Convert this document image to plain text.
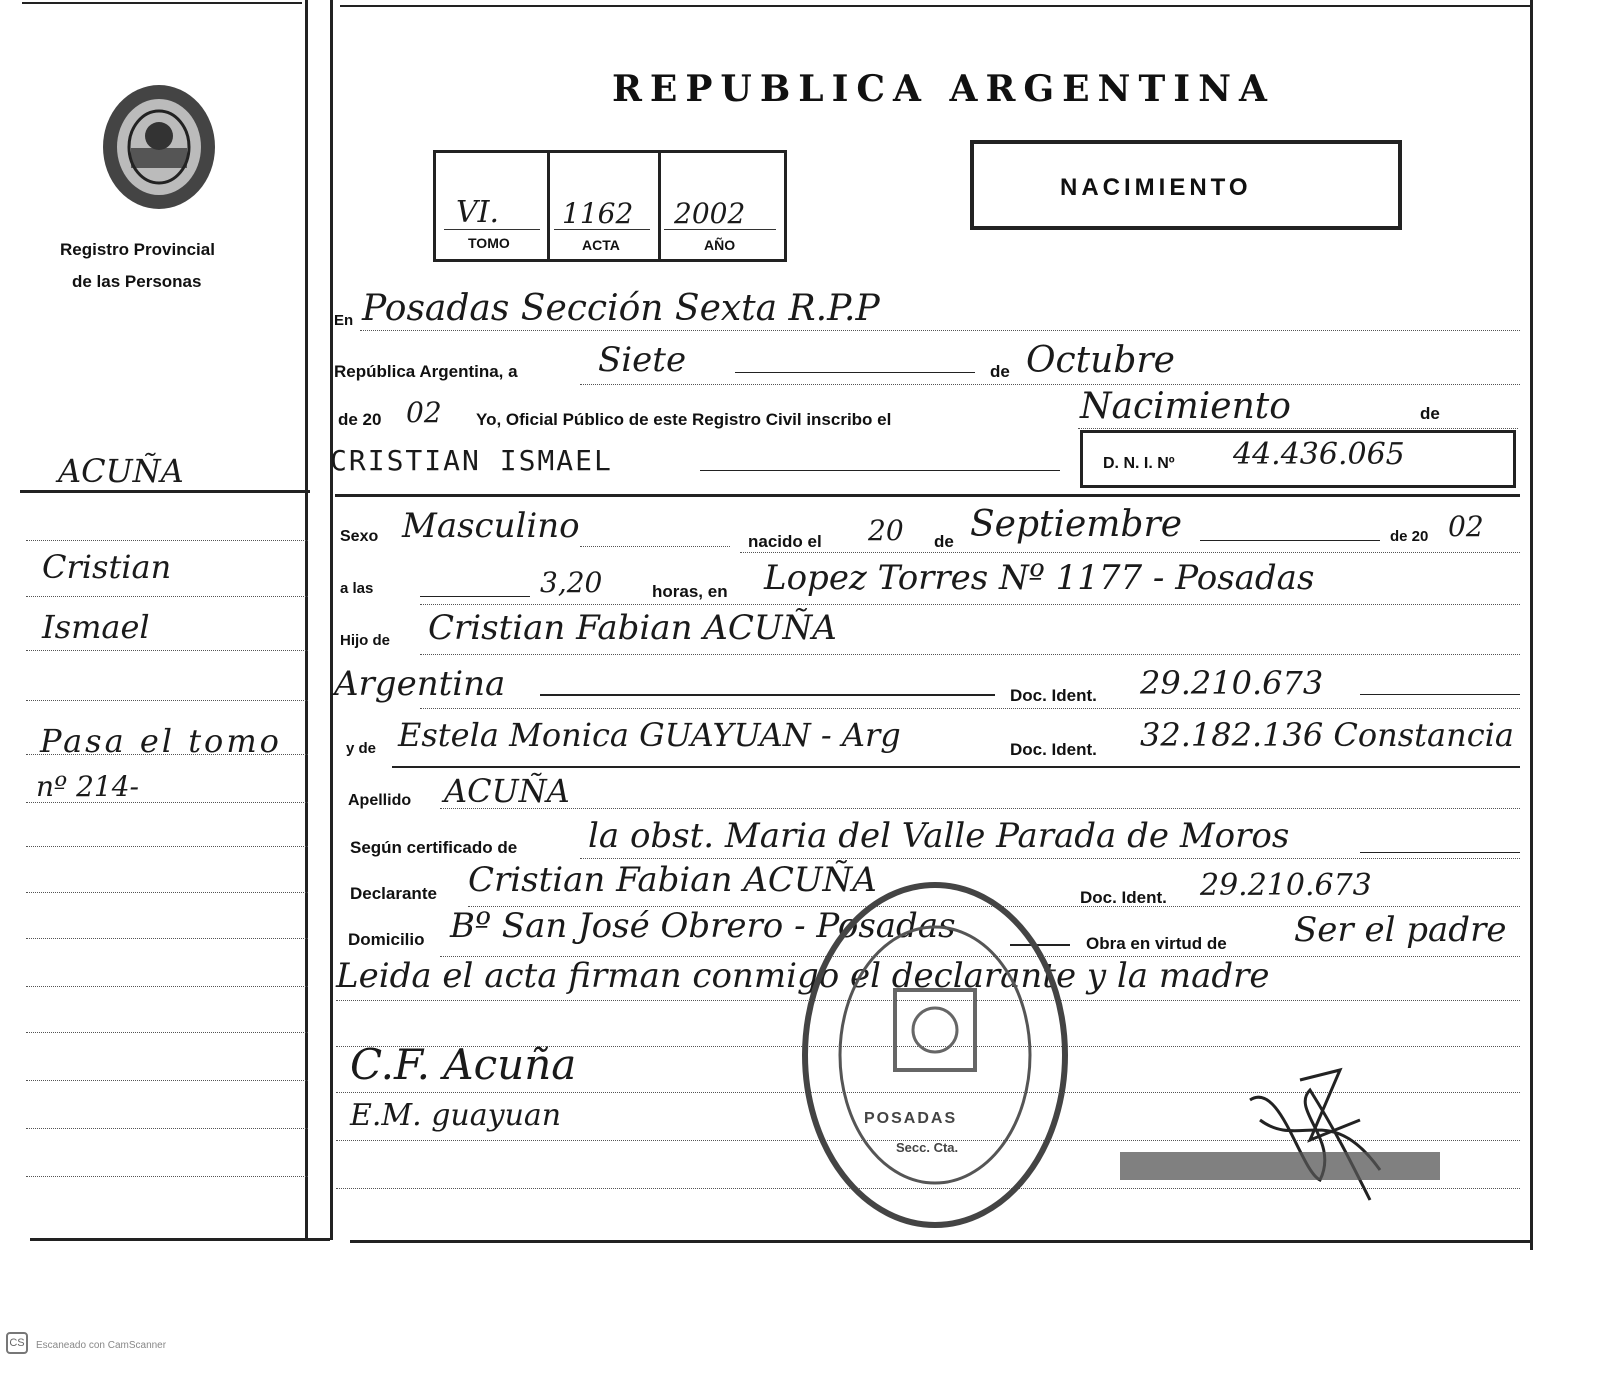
Registro Provincial
de las Personas
REPUBLICA ARGENTINA
VI. 1162 2002
TOMO	ACTA	AÑO
NACIMIENTO
ACUÑA
Cristian
Ismael
Pasa el tomo
nº 214-
En Posadas Sección Sexta R.P.P
República Argentina, a Siete	de Octubre
de 20 02 Yo, Oficial Público de este Registro Civil inscribo el	Nacimiento	de
CRISTIAN ISMAEL	D. N. I. Nº 44.436.065
Sexo Masculino	nacido el 20 de Septiembre	de 20 02
a las	3,20	horas, en Lopez Torres Nº 1177 - Posadas
Hijo de Cristian Fabian ACUÑA
Argentina	Doc. Ident. 29.210.673
y de Estela Monica GUAYUAN - Arg	Doc. Ident. 32.182.136 Constancia
Apellido ACUÑA
Según certificado de la obst. Maria del Valle Parada de Moros
Declarante Cristian Fabian ACUÑA	Doc. Ident. 29.210.673
Domicilio Bº San José Obrero - Posadas	Obra en virtud de Ser el padre
Leida el acta firman conmigo el declarante y la madre
C.F. Acuña
E.M. guayuan	POSADAS
Secc. Cta.
CS	Escaneado con CamScanner
